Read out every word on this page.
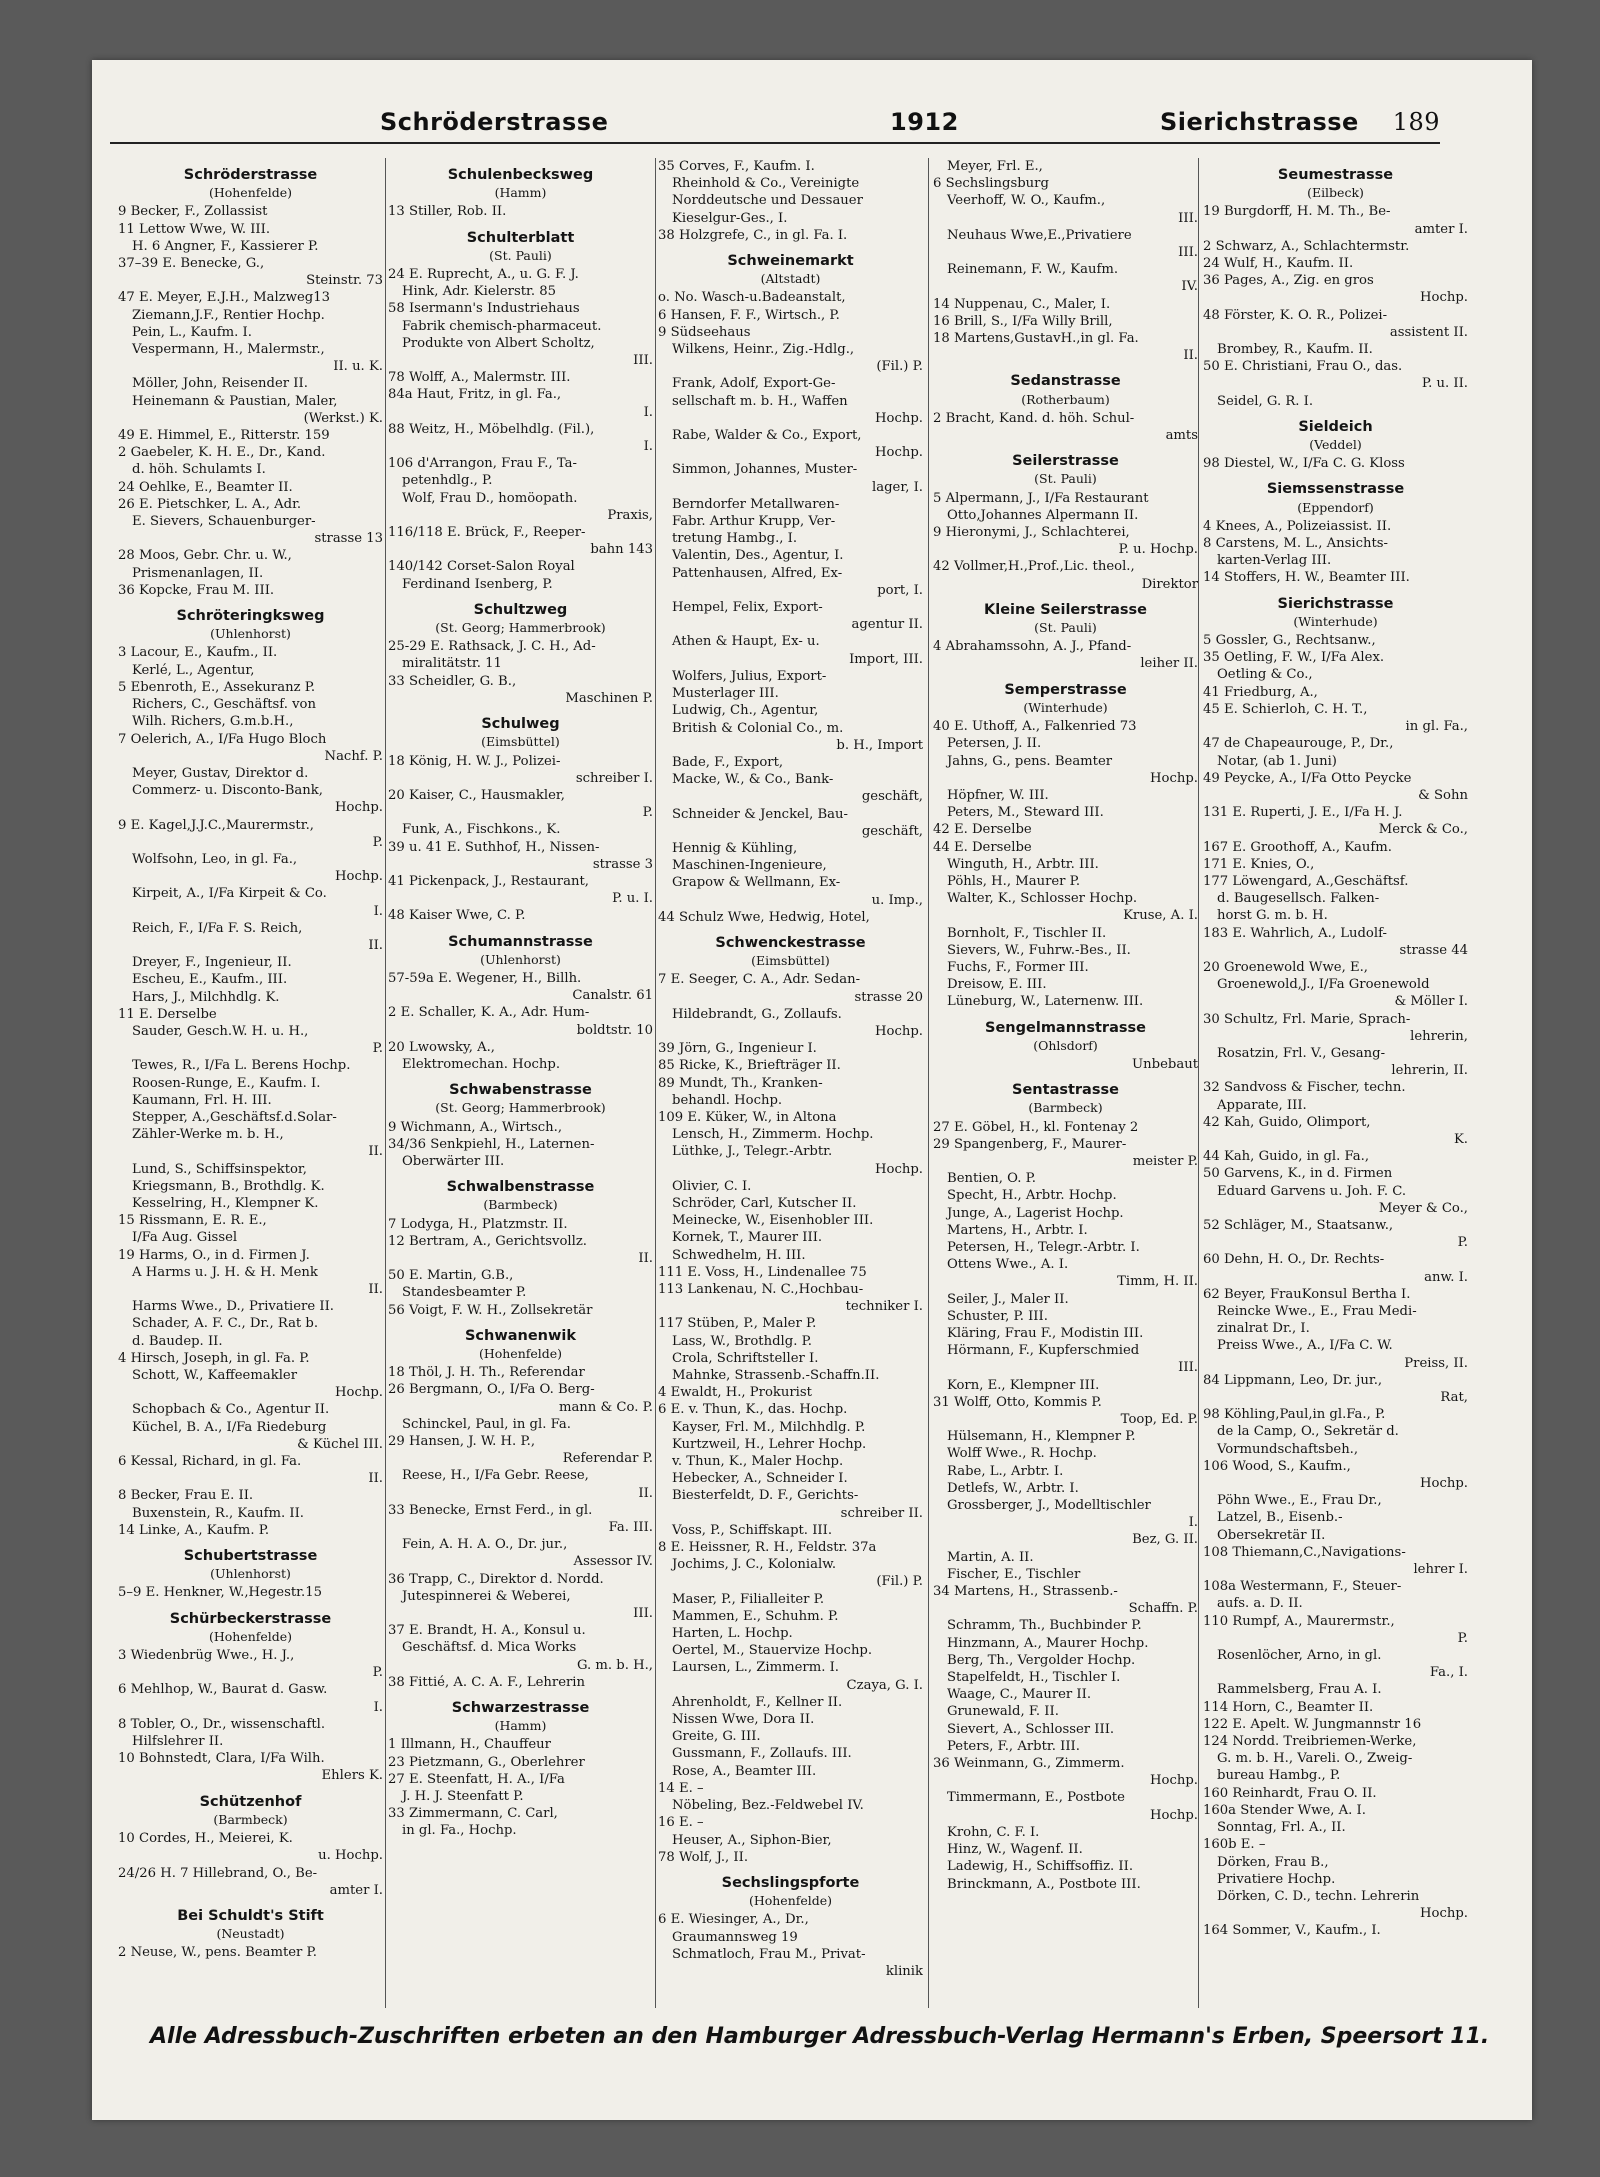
Schröderstrasse	1912	Sierichstrasse 189
Schröderstrasse
(Hohenfelde)
9 Becker, F., Zollassist
11 Lettow Wwe, W. III.
H. 6 Angner, F., Kassierer P.
37–39 E. Benecke, G.,
Steinstr. 73
47 E. Meyer, E.J.H., Malzweg13
Ziemann,J.F., Rentier Hochp.
Pein, L., Kaufm. I.
Vespermann, H., Malermstr.,
II. u. K.
Möller, John, Reisender II.
Heinemann & Paustian, Maler,
(Werkst.) K.
49 E. Himmel, E., Ritterstr. 159
2 Gaebeler, K. H. E., Dr., Kand.
d. höh. Schulamts I.
24 Oehlke, E., Beamter II.
26 E. Pietschker, L. A., Adr.
E. Sievers, Schauenburger-
strasse 13
28 Moos, Gebr. Chr. u. W.,
Prismenanlagen, II.
36 Kopcke, Frau M. III.
Schröteringksweg
(Uhlenhorst)
3 Lacour, E., Kaufm., II.
Kerlé, L., Agentur,
5 Ebenroth, E., Assekuranz P.
Richers, C., Geschäftsf. von
Wilh. Richers, G.m.b.H.,
7 Oelerich, A., I/Fa Hugo Bloch
Nachf. P.
Meyer, Gustav, Direktor d.
Commerz- u. Disconto-Bank,
Hochp.
9 E. Kagel,J.J.C.,Maurermstr.,
P.
Wolfsohn, Leo, in gl. Fa.,
Hochp.
Kirpeit, A., I/Fa Kirpeit & Co.
I.
Reich, F., I/Fa F. S. Reich,
II.
Dreyer, F., Ingenieur, II.
Escheu, E., Kaufm., III.
Hars, J., Milchhdlg. K.
11 E. Derselbe
Sauder, Gesch.W. H. u. H.,
P.
Tewes, R., I/Fa L. Berens Hochp.
Roosen-Runge, E., Kaufm. I.
Kaumann, Frl. H. III.
Stepper, A.,Geschäftsf.d.Solar-
Zähler-Werke m. b. H.,
II.
Lund, S., Schiffsinspektor,
Kriegsmann, B., Brothdlg. K.
Kesselring, H., Klempner K.
15 Rissmann, E. R. E.,
I/Fa Aug. Gissel
19 Harms, O., in d. Firmen J.
A Harms u. J. H. & H. Menk
II.
Harms Wwe., D., Privatiere II.
Schader, A. F. C., Dr., Rat b.
d. Baudep. II.
4 Hirsch, Joseph, in gl. Fa. P.
Schott, W., Kaffeemakler
Hochp.
Schopbach & Co., Agentur II.
Küchel, B. A., I/Fa Riedeburg
& Küchel III.
6 Kessal, Richard, in gl. Fa.
II.
8 Becker, Frau E. II.
Buxenstein, R., Kaufm. II.
14 Linke, A., Kaufm. P.
Schubertstrasse
(Uhlenhorst)
5–9 E. Henkner, W.,Hegestr.15
Schürbeckerstrasse
(Hohenfelde)
3 Wiedenbrüg Wwe., H. J.,
P.
6 Mehlhop, W., Baurat d. Gasw.
I.
8 Tobler, O., Dr., wissenschaftl.
Hilfslehrer II.
10 Bohnstedt, Clara, I/Fa Wilh.
Ehlers K.
Schützenhof
(Barmbeck)
10 Cordes, H., Meierei, K.
u. Hochp.
24/26 H. 7 Hillebrand, O., Be-
amter I.
Bei Schuldt's Stift
(Neustadt)
2 Neuse, W., pens. Beamter P.
Schulenbecksweg
(Hamm)
13 Stiller, Rob. II.
Schulterblatt
(St. Pauli)
24 E. Ruprecht, A., u. G. F. J.
Hink, Adr. Kielerstr. 85
58 Isermann's Industriehaus
Fabrik chemisch-pharmaceut.
Produkte von Albert Scholtz,
III.
78 Wolff, A., Malermstr. III.
84a Haut, Fritz, in gl. Fa.,
I.
88 Weitz, H., Möbelhdlg. (Fil.),
I.
106 d'Arrangon, Frau F., Ta-
petenhdlg., P.
Wolf, Frau D., homöopath.
Praxis,
116/118 E. Brück, F., Reeper-
bahn 143
140/142 Corset-Salon Royal
Ferdinand Isenberg, P.
Schultzweg
(St. Georg; Hammerbrook)
25-29 E. Rathsack, J. C. H., Ad-
miralitätstr. 11
33 Scheidler, G. B.,
Maschinen P.
Schulweg
(Eimsbüttel)
18 König, H. W. J., Polizei-
schreiber I.
20 Kaiser, C., Hausmakler,
P.
Funk, A., Fischkons., K.
39 u. 41 E. Suthhof, H., Nissen-
strasse 3
41 Pickenpack, J., Restaurant,
P. u. I.
48 Kaiser Wwe, C. P.
Schumannstrasse
(Uhlenhorst)
57-59a E. Wegener, H., Billh.
Canalstr. 61
2 E. Schaller, K. A., Adr. Hum-
boldtstr. 10
20 Lwowsky, A.,
Elektromechan. Hochp.
Schwabenstrasse
(St. Georg; Hammerbrook)
9 Wichmann, A., Wirtsch.,
34/36 Senkpiehl, H., Laternen-
Oberwärter III.
Schwalbenstrasse
(Barmbeck)
7 Lodyga, H., Platzmstr. II.
12 Bertram, A., Gerichtsvollz.
II.
50 E. Martin, G.B.,
Standesbeamter P.
56 Voigt, F. W. H., Zollsekretär
Schwanenwik
(Hohenfelde)
18 Thöl, J. H. Th., Referendar
26 Bergmann, O., I/Fa O. Berg-
mann & Co. P.
Schinckel, Paul, in gl. Fa.
29 Hansen, J. W. H. P.,
Referendar P.
Reese, H., I/Fa Gebr. Reese,
II.
33 Benecke, Ernst Ferd., in gl.
Fa. III.
Fein, A. H. A. O., Dr. jur.,
Assessor IV.
36 Trapp, C., Direktor d. Nordd.
Jutespinnerei & Weberei,
III.
37 E. Brandt, H. A., Konsul u.
Geschäftsf. d. Mica Works
G. m. b. H.,
38 Fittié, A. C. A. F., Lehrerin
Schwarzestrasse
(Hamm)
1 Illmann, H., Chauffeur
23 Pietzmann, G., Oberlehrer
27 E. Steenfatt, H. A., I/Fa
J. H. J. Steenfatt P.
33 Zimmermann, C. Carl,
in gl. Fa., Hochp.
35 Corves, F., Kaufm. I.
Rheinhold & Co., Vereinigte
Norddeutsche und Dessauer
Kieselgur-Ges., I.
38 Holzgrefe, C., in gl. Fa. I.
Schweinemarkt
(Altstadt)
o. No. Wasch-u.Badeanstalt,
6 Hansen, F. F., Wirtsch., P.
9 Südseehaus
Wilkens, Heinr., Zig.-Hdlg.,
(Fil.) P.
Frank, Adolf, Export-Ge-
sellschaft m. b. H., Waffen
Hochp.
Rabe, Walder & Co., Export,
Hochp.
Simmon, Johannes, Muster-
lager, I.
Berndorfer Metallwaren-
Fabr. Arthur Krupp, Ver-
tretung Hambg., I.
Valentin, Des., Agentur, I.
Pattenhausen, Alfred, Ex-
port, I.
Hempel, Felix, Export-
agentur II.
Athen & Haupt, Ex- u.
Import, III.
Wolfers, Julius, Export-
Musterlager III.
Ludwig, Ch., Agentur,
British & Colonial Co., m.
b. H., Import
Bade, F., Export,
Macke, W., & Co., Bank-
geschäft,
Schneider & Jenckel, Bau-
geschäft,
Hennig & Kühling,
Maschinen-Ingenieure,
Grapow & Wellmann, Ex-
u. Imp.,
44 Schulz Wwe, Hedwig, Hotel,
Schwenckestrasse
(Eimsbüttel)
7 E. Seeger, C. A., Adr. Sedan-
strasse 20
Hildebrandt, G., Zollaufs.
Hochp.
39 Jörn, G., Ingenieur I.
85 Ricke, K., Briefträger II.
89 Mundt, Th., Kranken-
behandl. Hochp.
109 E. Küker, W., in Altona
Lensch, H., Zimmerm. Hochp.
Lüthke, J., Telegr.-Arbtr.
Hochp.
Olivier, C. I.
Schröder, Carl, Kutscher II.
Meinecke, W., Eisenhobler III.
Kornek, T., Maurer III.
Schwedhelm, H. III.
111 E. Voss, H., Lindenallee 75
113 Lankenau, N. C.,Hochbau-
techniker I.
117 Stüben, P., Maler P.
Lass, W., Brothdlg. P.
Crola, Schriftsteller I.
Mahnke, Strassenb.-Schaffn.II.
4 Ewaldt, H., Prokurist
6 E. v. Thun, K., das. Hochp.
Kayser, Frl. M., Milchhdlg. P.
Kurtzweil, H., Lehrer Hochp.
v. Thun, K., Maler Hochp.
Hebecker, A., Schneider I.
Biesterfeldt, D. F., Gerichts-
schreiber II.
Voss, P., Schiffskapt. III.
8 E. Heissner, R. H., Feldstr. 37a
Jochims, J. C., Kolonialw.
(Fil.) P.
Maser, P., Filialleiter P.
Mammen, E., Schuhm. P.
Harten, L. Hochp.
Oertel, M., Stauervize Hochp.
Laursen, L., Zimmerm. I.
Czaya, G. I.
Ahrenholdt, F., Kellner II.
Nissen Wwe, Dora II.
Greite, G. III.
Gussmann, F., Zollaufs. III.
Rose, A., Beamter III.
14 E. –
Nöbeling, Bez.-Feldwebel IV.
16 E. –
Heuser, A., Siphon-Bier,
78 Wolf, J., II.
Sechslingspforte
(Hohenfelde)
6 E. Wiesinger, A., Dr.,
Graumannsweg 19
Schmatloch, Frau M., Privat-
klinik
Meyer, Frl. E.,
6 Sechslingsburg
Veerhoff, W. O., Kaufm.,
III.
Neuhaus Wwe,E.,Privatiere
III.
Reinemann, F. W., Kaufm.
IV.
14 Nuppenau, C., Maler, I.
16 Brill, S., I/Fa Willy Brill,
18 Martens,GustavH.,in gl. Fa.
II.
Sedanstrasse
(Rotherbaum)
2 Bracht, Kand. d. höh. Schul-
amts
Seilerstrasse
(St. Pauli)
5 Alpermann, J., I/Fa Restaurant
Otto,Johannes Alpermann II.
9 Hieronymi, J., Schlachterei,
P. u. Hochp.
42 Vollmer,H.,Prof.,Lic. theol.,
Direktor
Kleine Seilerstrasse
(St. Pauli)
4 Abrahamssohn, A. J., Pfand-
leiher II.
Semperstrasse
(Winterhude)
40 E. Uthoff, A., Falkenried 73
Petersen, J. II.
Jahns, G., pens. Beamter
Hochp.
Höpfner, W. III.
Peters, M., Steward III.
42 E. Derselbe
44 E. Derselbe
Winguth, H., Arbtr. III.
Pöhls, H., Maurer P.
Walter, K., Schlosser Hochp.
Kruse, A. I.
Bornholt, F., Tischler II.
Sievers, W., Fuhrw.-Bes., II.
Fuchs, F., Former III.
Dreisow, E. III.
Lüneburg, W., Laternenw. III.
Sengelmannstrasse
(Ohlsdorf)
Unbebaut
Sentastrasse
(Barmbeck)
27 E. Göbel, H., kl. Fontenay 2
29 Spangenberg, F., Maurer-
meister P.
Bentien, O. P.
Specht, H., Arbtr. Hochp.
Junge, A., Lagerist Hochp.
Martens, H., Arbtr. I.
Petersen, H., Telegr.-Arbtr. I.
Ottens Wwe., A. I.
Timm, H. II.
Seiler, J., Maler II.
Schuster, P. III.
Kläring, Frau F., Modistin III.
Hörmann, F., Kupferschmied
III.
Korn, E., Klempner III.
31 Wolff, Otto, Kommis P.
Toop, Ed. P.
Hülsemann, H., Klempner P.
Wolff Wwe., R. Hochp.
Rabe, L., Arbtr. I.
Detlefs, W., Arbtr. I.
Grossberger, J., Modelltischler
I.
Bez, G. II.
Martin, A. II.
Fischer, E., Tischler
34 Martens, H., Strassenb.-
Schaffn. P.
Schramm, Th., Buchbinder P.
Hinzmann, A., Maurer Hochp.
Berg, Th., Vergolder Hochp.
Stapelfeldt, H., Tischler I.
Waage, C., Maurer II.
Grunewald, F. II.
Sievert, A., Schlosser III.
Peters, F., Arbtr. III.
36 Weinmann, G., Zimmerm.
Hochp.
Timmermann, E., Postbote
Hochp.
Krohn, C. F. I.
Hinz, W., Wagenf. II.
Ladewig, H., Schiffsoffiz. II.
Brinckmann, A., Postbote III.
Seumestrasse
(Eilbeck)
19 Burgdorff, H. M. Th., Be-
amter I.
2 Schwarz, A., Schlachtermstr.
24 Wulf, H., Kaufm. II.
36 Pages, A., Zig. en gros
Hochp.
48 Förster, K. O. R., Polizei-
assistent II.
Brombey, R., Kaufm. II.
50 E. Christiani, Frau O., das.
P. u. II.
Seidel, G. R. I.
Sieldeich
(Veddel)
98 Diestel, W., I/Fa C. G. Kloss
Siemssenstrasse
(Eppendorf)
4 Knees, A., Polizeiassist. II.
8 Carstens, M. L., Ansichts-
karten-Verlag III.
14 Stoffers, H. W., Beamter III.
Sierichstrasse
(Winterhude)
5 Gossler, G., Rechtsanw.,
35 Oetling, F. W., I/Fa Alex.
Oetling & Co.,
41 Friedburg, A.,
45 E. Schierloh, C. H. T.,
in gl. Fa.,
47 de Chapeaurouge, P., Dr.,
Notar, (ab 1. Juni)
49 Peycke, A., I/Fa Otto Peycke
& Sohn
131 E. Ruperti, J. E., I/Fa H. J.
Merck & Co.,
167 E. Groothoff, A., Kaufm.
171 E. Knies, O.,
177 Löwengard, A.,Geschäftsf.
d. Baugesellsch. Falken-
horst G. m. b. H.
183 E. Wahrlich, A., Ludolf-
strasse 44
20 Groenewold Wwe, E.,
Groenewold,J., I/Fa Groenewold
& Möller I.
30 Schultz, Frl. Marie, Sprach-
lehrerin,
Rosatzin, Frl. V., Gesang-
lehrerin, II.
32 Sandvoss & Fischer, techn.
Apparate, III.
42 Kah, Guido, Olimport,
K.
44 Kah, Guido, in gl. Fa.,
50 Garvens, K., in d. Firmen
Eduard Garvens u. Joh. F. C.
Meyer & Co.,
52 Schläger, M., Staatsanw.,
P.
60 Dehn, H. O., Dr. Rechts-
anw. I.
62 Beyer, FrauKonsul Bertha I.
Reincke Wwe., E., Frau Medi-
zinalrat Dr., I.
Preiss Wwe., A., I/Fa C. W.
Preiss, II.
84 Lippmann, Leo, Dr. jur.,
Rat,
98 Köhling,Paul,in gl.Fa., P.
de la Camp, O., Sekretär d.
Vormundschaftsbeh.,
106 Wood, S., Kaufm.,
Hochp.
Pöhn Wwe., E., Frau Dr.,
Latzel, B., Eisenb.-
Obersekretär II.
108 Thiemann,C.,Navigations-
lehrer I.
108a Westermann, F., Steuer-
aufs. a. D. II.
110 Rumpf, A., Maurermstr.,
P.
Rosenlöcher, Arno, in gl.
Fa., I.
Rammelsberg, Frau A. I.
114 Horn, C., Beamter II.
122 E. Apelt. W. Jungmannstr 16
124 Nordd. Treibriemen-Werke,
G. m. b. H., Vareli. O., Zweig-
bureau Hambg., P.
160 Reinhardt, Frau O. II.
160a Stender Wwe, A. I.
Sonntag, Frl. A., II.
160b E. –
Dörken, Frau B.,
Privatiere Hochp.
Dörken, C. D., techn. Lehrerin
Hochp.
164 Sommer, V., Kaufm., I.
Alle Adressbuch-Zuschriften erbeten an den Hamburger Adressbuch-Verlag Hermann's Erben, Speersort 11.
